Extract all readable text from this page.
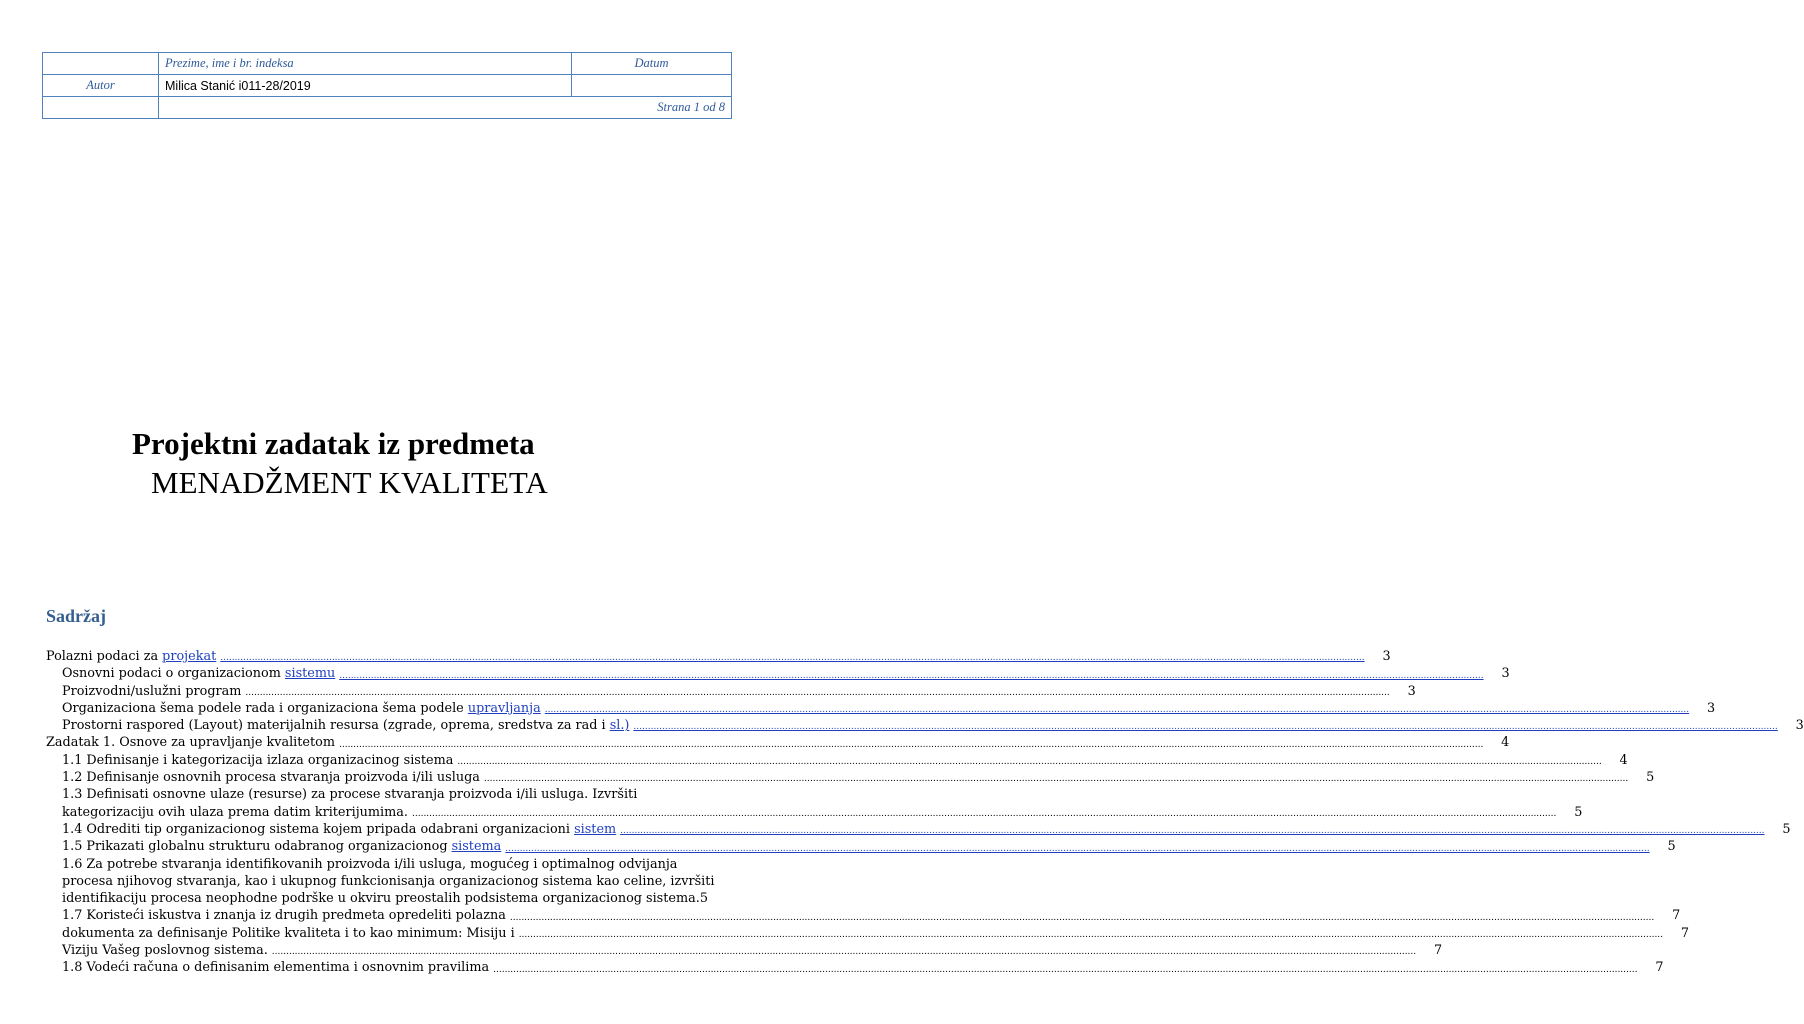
	Prezime, ime i br. indeksa	Datum
Autor	Milica Stanić i011-28/2019	
	Strana 1 od 8	
Projektni zadatak iz predmeta
MENADŽMENT KVALITETA
Sadržaj
Polazni podaci za projekat ................................................................................................................................................................................................................................................................................................................................................................................................................	3
Osnovni podaci o organizacionom sistemu ................................................................................................................................................................................................................................................................................................................................................................................................................	3
Proizvodni/uslužni program ................................................................................................................................................................................................................................................................................................................................................................................................................	3
Organizaciona šema podele rada i organizaciona šema podele upravljanja ................................................................................................................................................................................................................................................................................................................................................................................................................	3
Prostorni raspored (Layout) materijalnih resursa (zgrade, oprema, sredstva za rad i sl.) ................................................................................................................................................................................................................................................................................................................................................................................................................	3
Zadatak 1. Osnove za upravljanje kvalitetom ................................................................................................................................................................................................................................................................................................................................................................................................................	4
1.1 Definisanje i kategorizacija izlaza organizacinog sistema ................................................................................................................................................................................................................................................................................................................................................................................................................	4
1.2 Definisanje osnovnih procesa stvaranja proizvoda i/ili usluga ................................................................................................................................................................................................................................................................................................................................................................................................................	5
1.3 Definisati osnovne ulaze (resurse) za procese stvaranja proizvoda i/ili usluga. Izvršiti
kategorizaciju ovih ulaza prema datim kriterijumima. ................................................................................................................................................................................................................................................................................................................................................................................................................	5
1.4 Odrediti tip organizacionog sistema kojem pripada odabrani organizacioni sistem ................................................................................................................................................................................................................................................................................................................................................................................................................	5
1.5 Prikazati globalnu strukturu odabranog organizacionog sistema ................................................................................................................................................................................................................................................................................................................................................................................................................	5
1.6 Za potrebe stvaranja identifikovanih proizvoda i/ili usluga, mogućeg i optimalnog odvijanja
procesa njihovog stvaranja, kao i ukupnog funkcionisanja organizacionog sistema kao celine, izvršiti
identifikaciju procesa neophodne podrške u okviru preostalih podsistema organizacionog sistema. 5
1.7 Koristeći iskustva i znanja iz drugih predmeta opredeliti polazna ................................................................................................................................................................................................................................................................................................................................................................................................................	7
dokumenta za definisanje Politike kvaliteta i to kao minimum: Misiju i ................................................................................................................................................................................................................................................................................................................................................................................................................	7
Viziju Vašeg poslovnog sistema. ................................................................................................................................................................................................................................................................................................................................................................................................................	7
1.8 Vodeći računa o definisanim elementima i osnovnim pravilima ................................................................................................................................................................................................................................................................................................................................................................................................................	7
